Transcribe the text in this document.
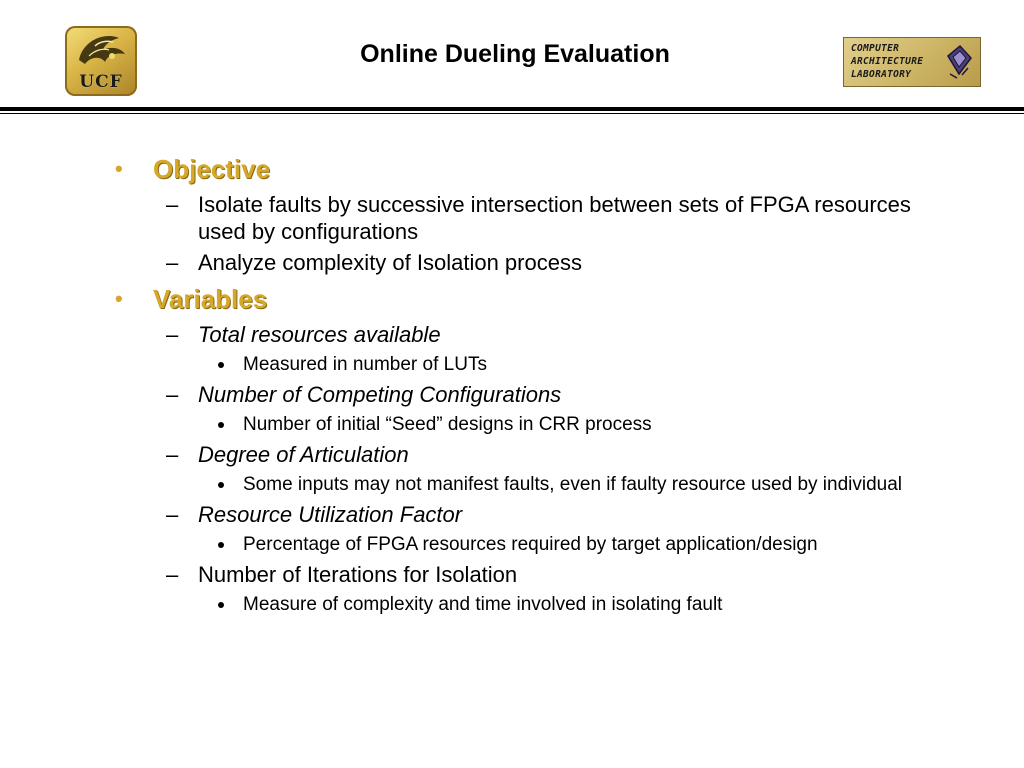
UCF
Online Dueling Evaluation	COMPUTER
ARCHITECTURE
LABORATORY
• Objective
– Isolate faults by successive intersection between sets of FPGA resources used by configurations
– Analyze complexity of Isolation process
• Variables
– Total resources available
Measured in number of LUTs
– Number of Competing Configurations
Number of initial “Seed” designs in CRR process
– Degree of Articulation
Some inputs may not manifest faults, even if faulty resource used by individual
– Resource Utilization Factor
Percentage of FPGA resources required by target application/design
– Number of Iterations for Isolation
Measure of complexity and time involved in isolating fault
